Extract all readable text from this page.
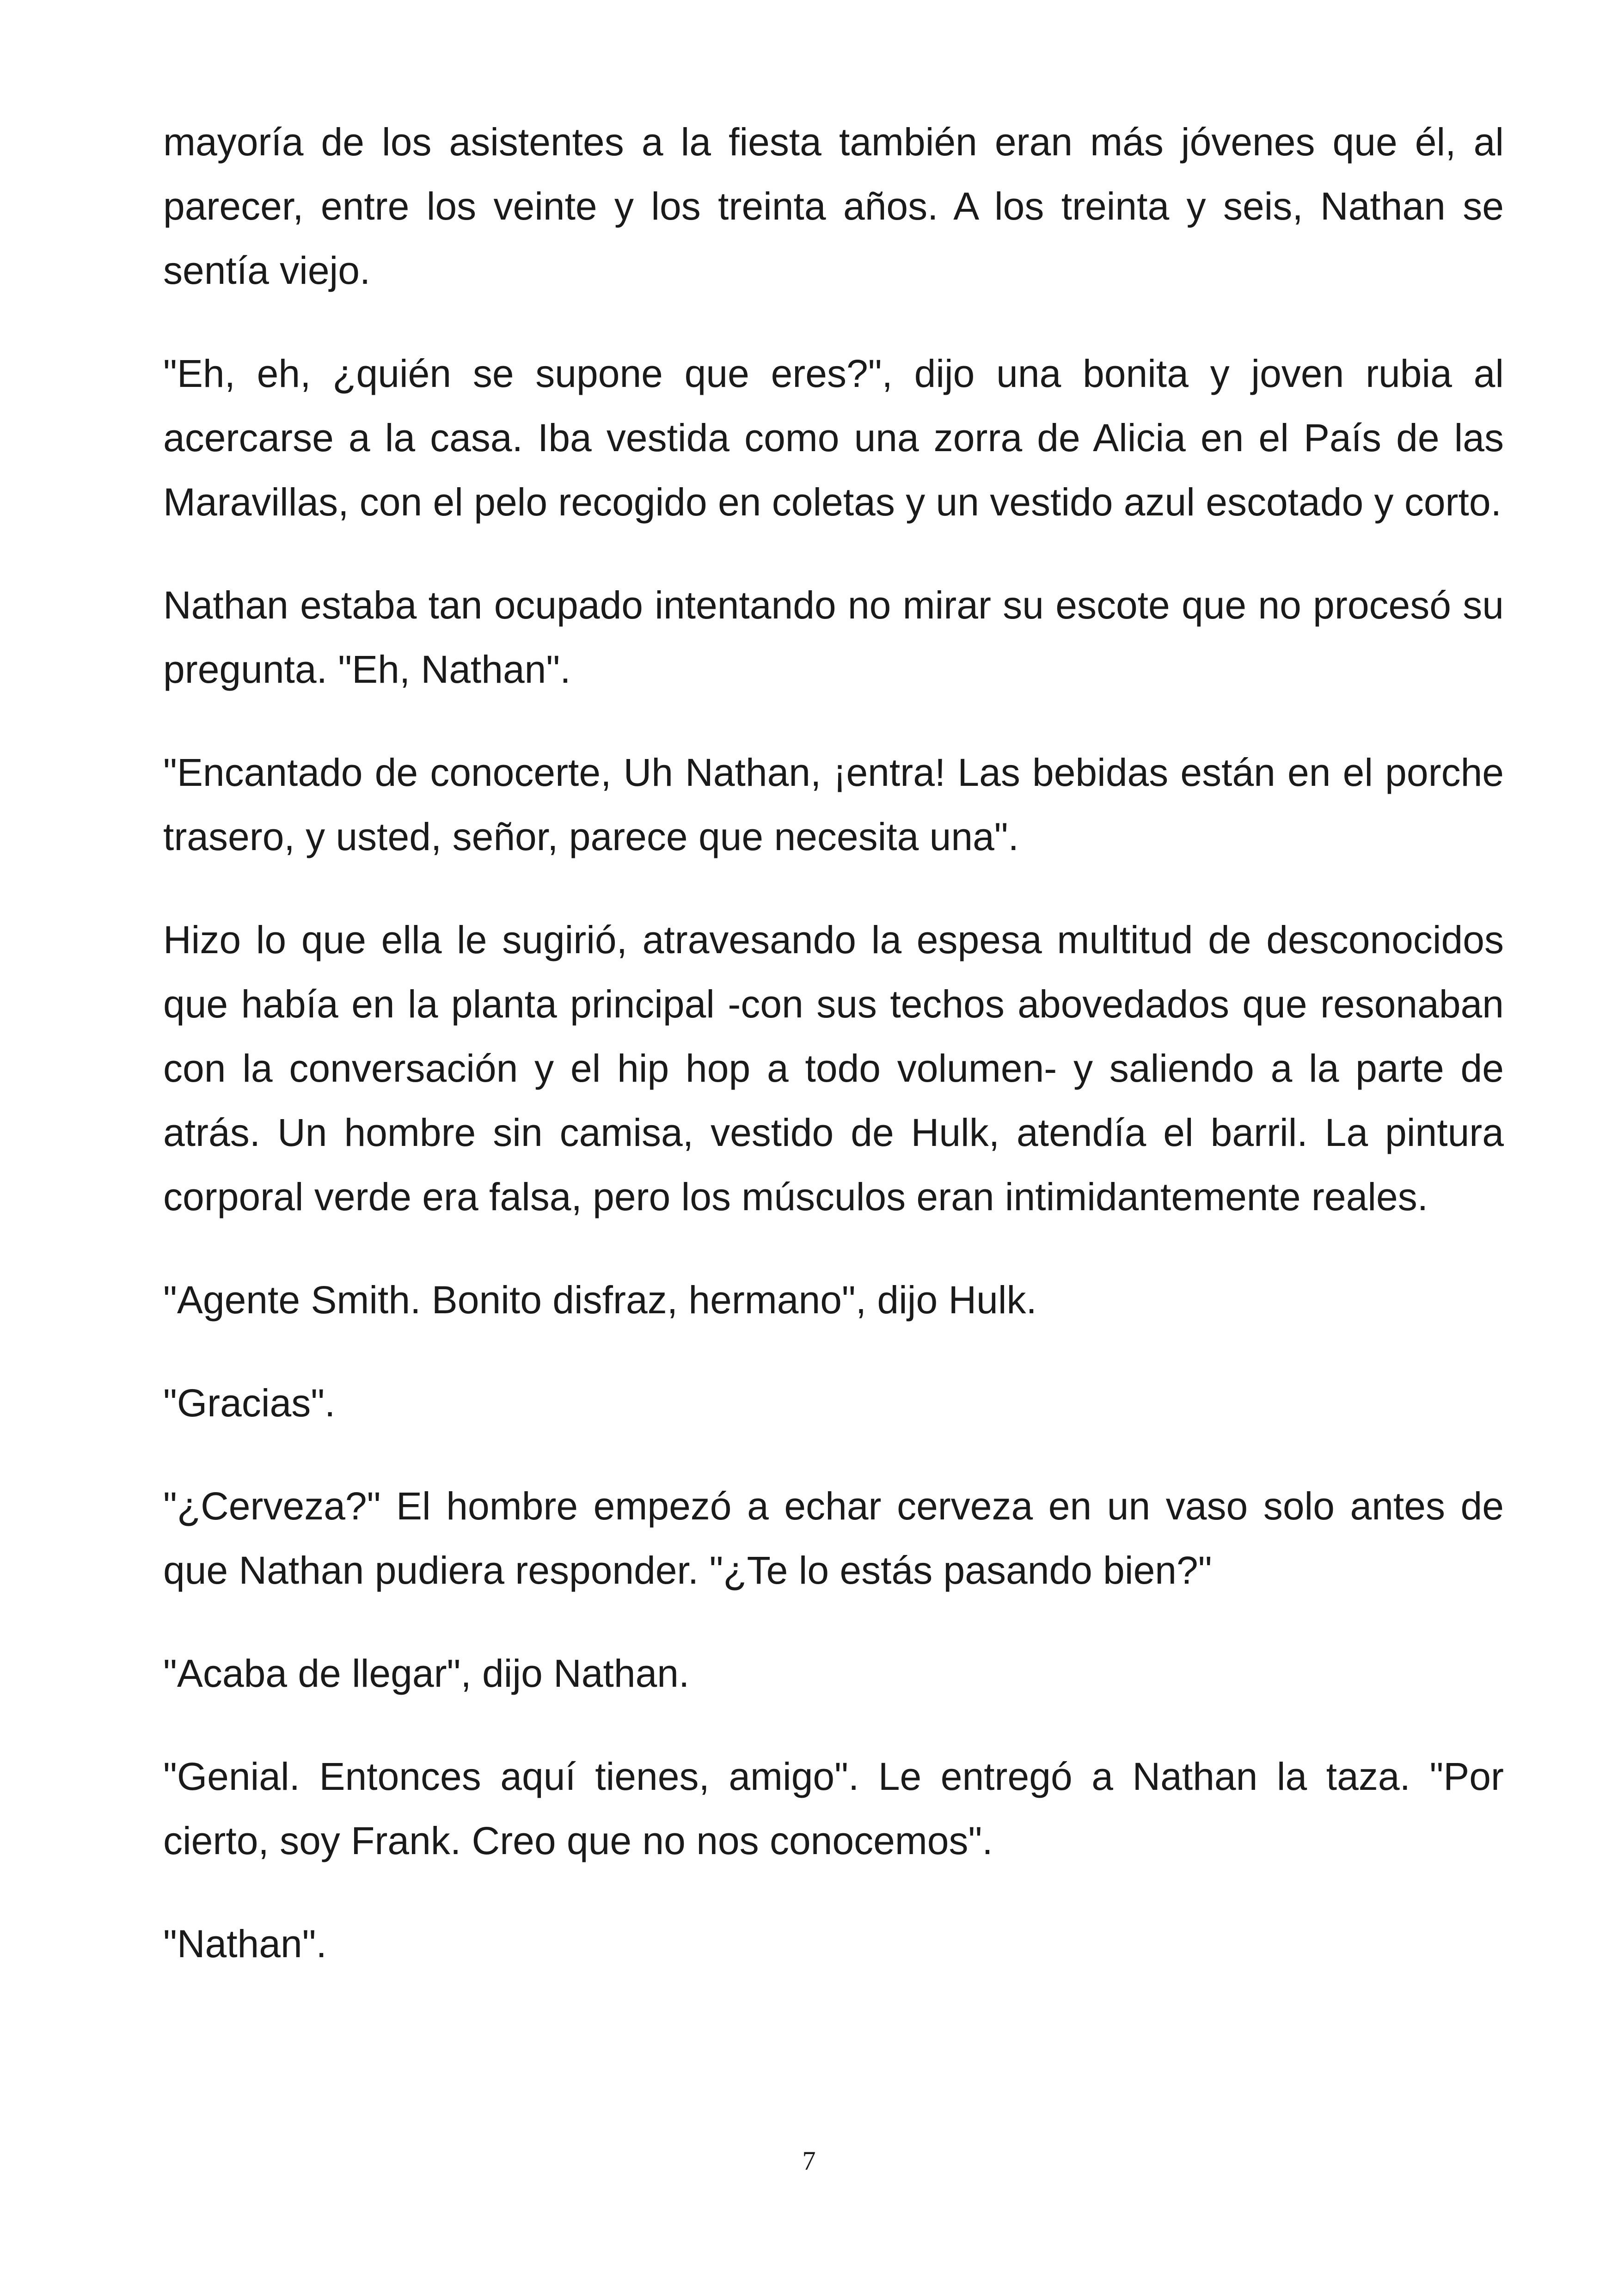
mayoría de los asistentes a la fiesta también eran más jóvenes que él, al parecer, entre los veinte y los treinta años. A los treinta y seis, Nathan se sentía viejo.

"Eh, eh, ¿quién se supone que eres?", dijo una bonita y joven rubia al acercarse a la casa. Iba vestida como una zorra de Alicia en el País de las Maravillas, con el pelo recogido en coletas y un vestido azul escotado y corto.

Nathan estaba tan ocupado intentando no mirar su escote que no procesó su pregunta. "Eh, Nathan".

"Encantado de conocerte, Uh Nathan, ¡entra! Las bebidas están en el porche trasero, y usted, señor, parece que necesita una".

Hizo lo que ella le sugirió, atravesando la espesa multitud de desconocidos que había en la planta principal -con sus techos abovedados que resonaban con la conversación y el hip hop a todo volumen- y saliendo a la parte de atrás. Un hombre sin camisa, vestido de Hulk, atendía el barril. La pintura corporal verde era falsa, pero los músculos eran intimidantemente reales.

"Agente Smith. Bonito disfraz, hermano", dijo Hulk.

"Gracias".

"¿Cerveza?" El hombre empezó a echar cerveza en un vaso solo antes de que Nathan pudiera responder. "¿Te lo estás pasando bien?"

"Acaba de llegar", dijo Nathan.

"Genial. Entonces aquí tienes, amigo". Le entregó a Nathan la taza. "Por cierto, soy Frank. Creo que no nos conocemos".

"Nathan".

7
